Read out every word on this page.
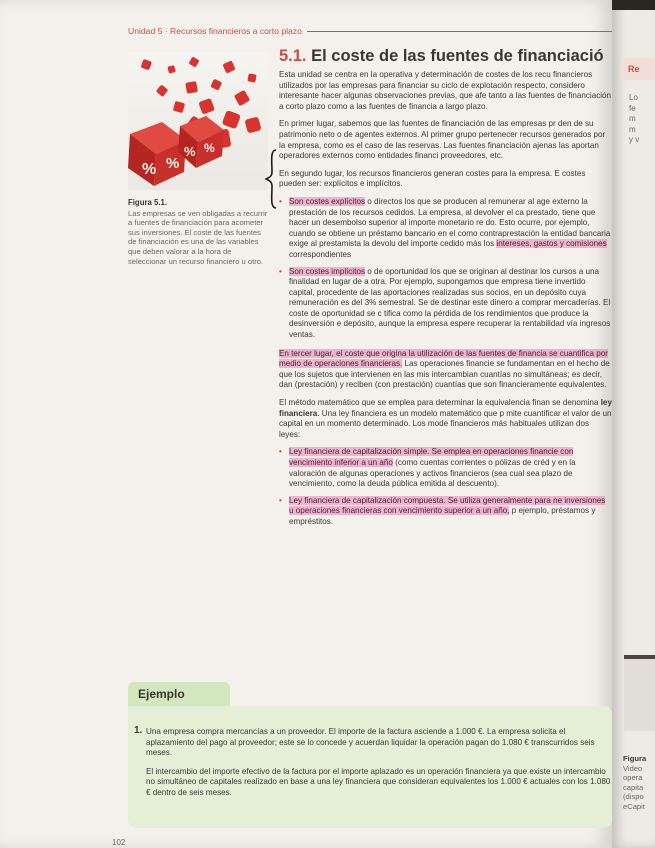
Unidad 5 · Recursos financieros a corto plazo
% %
% %
Figura 5.1.
Las empresas se ven obligadas a recurrir a fuentes de financiación para acometer sus inversiones. El coste de las fuentes de financiación es una de las variables que deben valorar a la hora de seleccionar un recurso financiero u otro.
5.1. El coste de las fuentes de financiació

Esta unidad se centra en la operativa y determinación de costes de los recu financieros utilizados por las empresas para financiar su ciclo de explotación respecto, considero interesante hacer algunas observaciones previas, que afe tanto a las fuentes de financiación a corto plazo como a las fuentes de financia a largo plazo.

En primer lugar, sabemos que las fuentes de financiación de las empresas pr den de su patrimonio neto o de agentes externos. Al primer grupo pertenecer recursos generados por la empresa, como es el caso de las reservas. Las fuentes financiación ajenas las aportan operadores externos como entidades financi proveedores, etc.

En segundo lugar, los recursos financieros generan costes para la empresa. E costes pueden ser: explícitos e implícitos.

• Son costes explícitos o directos los que se producen al remunerar al age externo la prestación de los recursos cedidos. La empresa, al devolver el ca prestado, tiene que hacer un desembolso superior al importe monetario re do. Esto ocurre, por ejemplo, cuando se obtiene un préstamo bancario en el como contraprestación la entidad bancaria exige al prestamista la devolu del importe cedido más los intereses, gastos y comisiones correspondientes
• Son costes implícitos o de oportunidad los que se originan al destinar los cursos a una finalidad en lugar de a otra. Por ejemplo, supongamos que empresa tiene invertido capital, procedente de las aportaciones realizadas sus socios, en un depósito cuya remuneración es del 3% semestral. Se de destinar este dinero a comprar mercaderías. El coste de oportunidad se c tifica como la pérdida de los rendimientos que produce la desinversión e depósito, aunque la empresa espere recuperar la rentabilidad vía ingresos ventas.

En tercer lugar, el coste que origina la utilización de las fuentes de financia se cuantifica por medio de operaciones financieras. Las operaciones financie se fundamentan en el hecho de que los sujetos que intervienen en las mis intercambian cuantías no simultáneas; es decir, dan (prestación) y reciben (con prestación) cuantías que son financieramente equivalentes.

El método matemático que se emplea para determinar la equivalencia finan se denomina ley financiera. Una ley financiera es un modelo matemático que p mite cuantificar el valor de un capital en un momento determinado. Los mode financieros más habituales utilizan dos leyes:

• Ley financiera de capitalización simple. Se emplea en operaciones financie con vencimiento inferior a un año (como cuentas corrientes o pólizas de créd y en la valoración de algunas operaciones y activos financieros (sea cual sea plazo de vencimiento, como la deuda pública emitida al descuento).
• Ley financiera de capitalización compuesta. Se utiliza generalmente para ne inversiones u operaciones financieras con vencimiento superior a un año, p ejemplo, préstamos y empréstitos.
Ejemplo
1. Una empresa compra mercancías a un proveedor. El importe de la factura asciende a 1.000 €. La empresa solicita el aplazamiento del pago al proveedor; este se lo concede y acuerdan liquidar la operación pagan do 1.080 € transcurridos seis meses.

El intercambio del importe efectivo de la factura por el importe aplazado es un operación financiera ya que existe un intercambio no simultáneo de capitales realizado en base a una ley financiera que consideran equivalentes los 1.000 € actuales con los 1.080 € dentro de seis meses.

102
Re
Lo
fe
m
m
y v
Figura
Video
opera
capita
(dispo
eCapit
